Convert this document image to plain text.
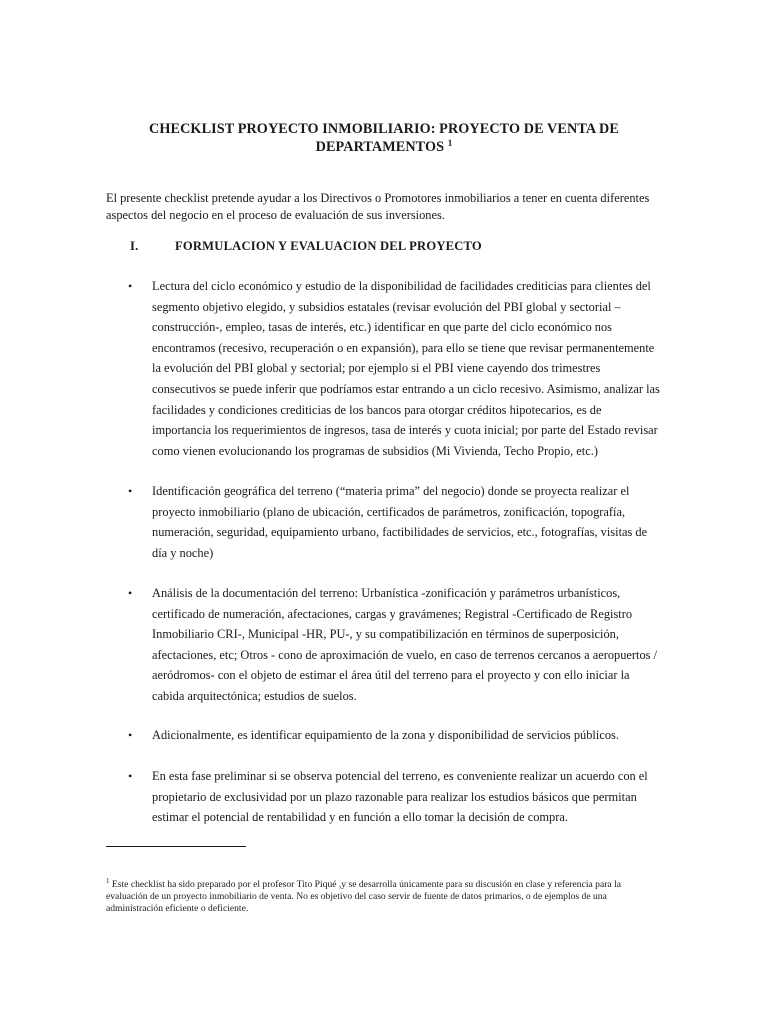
CHECKLIST PROYECTO INMOBILIARIO: PROYECTO DE VENTA DE
DEPARTAMENTOS $^1$
El presente checklist pretende ayudar a los Directivos o Promotores inmobiliarios a tener en cuenta diferentes aspectos del negocio en el proceso de evaluación de sus inversiones.
I.	FORMULACION Y EVALUACION DEL PROYECTO
• Lectura del ciclo económico y estudio de la disponibilidad de facilidades crediticias para clientes del segmento objetivo elegido, y subsidios estatales (revisar evolución del PBI global y sectorial – construcción-, empleo, tasas de interés, etc.) identificar en que parte del ciclo económico nos encontramos (recesivo, recuperación o en expansión), para ello se tiene que revisar permanentemente la evolución del PBI global y sectorial; por ejemplo si el PBI viene cayendo dos trimestres consecutivos se puede inferir que podríamos estar entrando a un ciclo recesivo. Asimismo, analizar las facilidades y condiciones crediticias de los bancos para otorgar créditos hipotecarios, es de importancia los requerimientos de ingresos, tasa de interés y cuota inicial; por parte del Estado revisar como vienen evolucionando los programas de subsidios (Mi Vivienda, Techo Propio, etc.)
• Identificación geográfica del terreno (“materia prima” del negocio) donde se proyecta realizar el proyecto inmobiliario (plano de ubicación, certificados de parámetros, zonificación, topografía, numeración, seguridad, equipamiento urbano, factibilidades de servicios, etc., fotografías, visitas de día y noche)
• Análisis de la documentación del terreno: Urbanística -zonificación y parámetros urbanísticos, certificado de numeración, afectaciones, cargas y gravámenes; Registral -Certificado de Registro Inmobiliario CRI-, Municipal -HR, PU-, y su compatibilización en términos de superposición, afectaciones, etc; Otros - cono de aproximación de vuelo, en caso de terrenos cercanos a aeropuertos / aeródromos- con el objeto de estimar el área útil del terreno para el proyecto y con ello iniciar la cabida arquitectónica; estudios de suelos.
• Adicionalmente, es identificar equipamiento de la zona y disponibilidad de servicios públicos.
• En esta fase preliminar si se observa potencial del terreno, es conveniente realizar un acuerdo con el propietario de exclusividad por un plazo razonable para realizar los estudios básicos que permitan estimar el potencial de rentabilidad y en función a ello tomar la decisión de compra.
$^1$ Este checklist ha sido preparado por el profesor Tito Piqué ,y se desarrolla únicamente para su discusión en clase y referencia para la evaluación de un proyecto inmobiliario de venta. No es objetivo del caso servir de fuente de datos primarios, o de ejemplos de una administración eficiente o deficiente.
